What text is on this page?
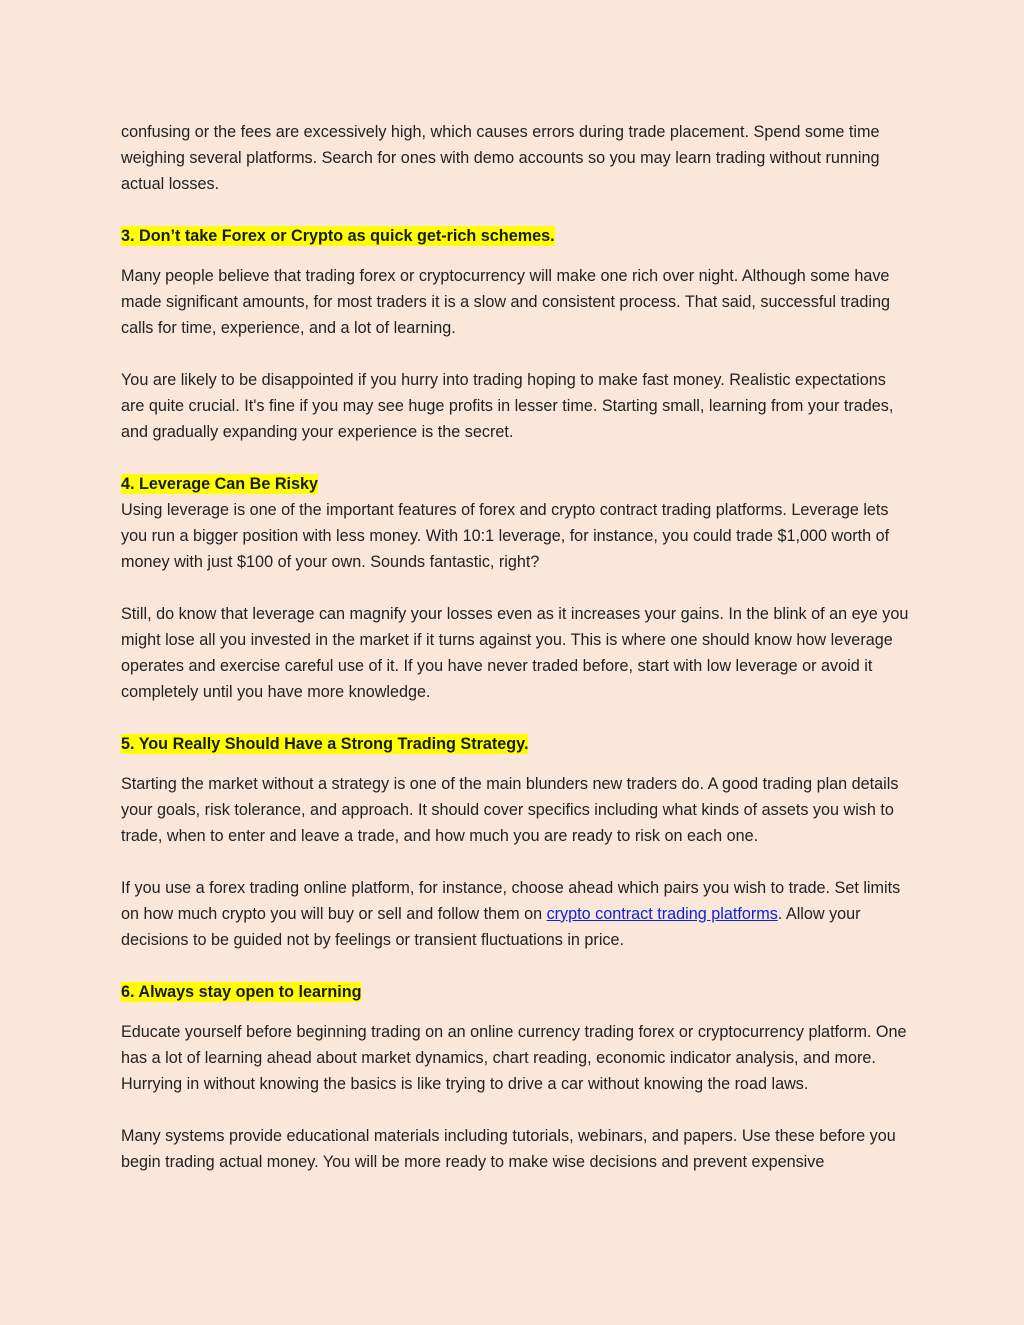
confusing or the fees are excessively high, which causes errors during trade placement. Spend some time weighing several platforms. Search for ones with demo accounts so you may learn trading without running actual losses.

3. Don’t take Forex or Crypto as quick get-rich schemes.

Many people believe that trading forex or cryptocurrency will make one rich over night. Although some have made significant amounts, for most traders it is a slow and consistent process. That said, successful trading calls for time, experience, and a lot of learning.

You are likely to be disappointed if you hurry into trading hoping to make fast money. Realistic expectations are quite crucial. It's fine if you may see huge profits in lesser time. Starting small, learning from your trades, and gradually expanding your experience is the secret.

4. Leverage Can Be Risky

Using leverage is one of the important features of forex and crypto contract trading platforms. Leverage lets you run a bigger position with less money. With 10:1 leverage, for instance, you could trade $1,000 worth of money with just $100 of your own. Sounds fantastic, right?

Still, do know that leverage can magnify your losses even as it increases your gains. In the blink of an eye you might lose all you invested in the market if it turns against you. This is where one should know how leverage operates and exercise careful use of it. If you have never traded before, start with low leverage or avoid it completely until you have more knowledge.

5. You Really Should Have a Strong Trading Strategy.

Starting the market without a strategy is one of the main blunders new traders do. A good trading plan details your goals, risk tolerance, and approach. It should cover specifics including what kinds of assets you wish to trade, when to enter and leave a trade, and how much you are ready to risk on each one.

If you use a forex trading online platform, for instance, choose ahead which pairs you wish to trade. Set limits on how much crypto you will buy or sell and follow them on crypto contract trading platforms. Allow your decisions to be guided not by feelings or transient fluctuations in price.

6. Always stay open to learning

Educate yourself before beginning trading on an online currency trading forex or cryptocurrency platform. One has a lot of learning ahead about market dynamics, chart reading, economic indicator analysis, and more. Hurrying in without knowing the basics is like trying to drive a car without knowing the road laws.

Many systems provide educational materials including tutorials, webinars, and papers. Use these before you begin trading actual money. You will be more ready to make wise decisions and prevent expensive
